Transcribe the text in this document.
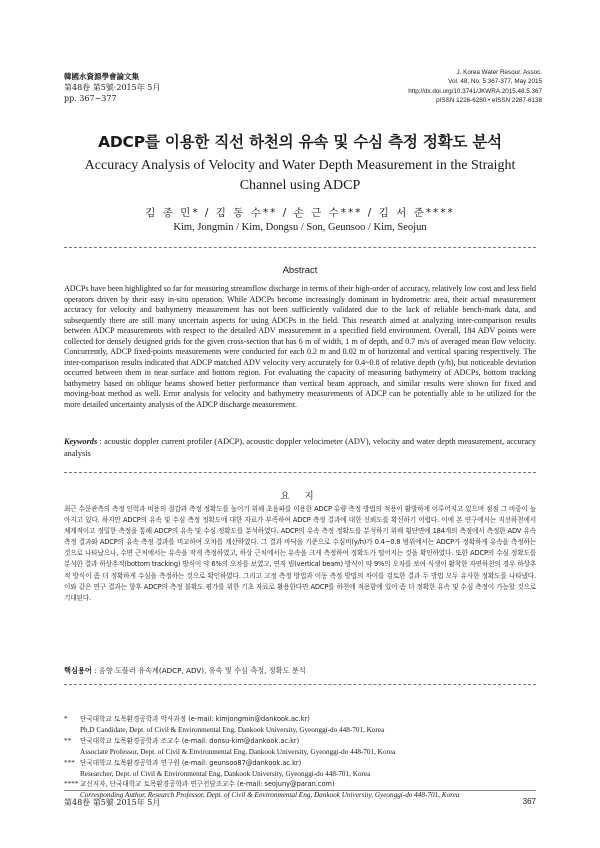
韓國水資源學會論文集
第48卷 第5號·2015年 5月
pp. 367~377
J. Korea Water Resour. Assoc.
Vol. 48, No. 5:367-377, May 2015
http://dx.doi.org/10.3741/JKWRA.2015.48.5.367
pISSN 1226-6280 • eISSN 2287-6138
ADCP를 이용한 직선 하천의 유속 및 수심 측정 정확도 분석
Accuracy Analysis of Velocity and Water Depth Measurement in the Straight Channel using ADCP
김 종 민* / 김 동 수** / 손 근 수*** / 김 서 준****
Kim, Jongmin / Kim, Dongsu / Son, Geunsoo / Kim, Seojun
Abstract
ADCPs have been highlighted so far for measuring streamflow discharge in terms of their high-order of accuracy, relatively low cost and less field operators driven by their easy in-situ operation. While ADCPs become increasingly dominant in hydrometric area, their actual measurement accuracy for velocity and bathymetry measurement has not been sufficiently validated due to the lack of reliable bench-mark data, and subsequently there are still many uncertain aspects for using ADCPs in the field. This research aimed at analyzing inter-comparison results between ADCP measurements with respect to the detailed ADV measurement in a specified field environment. Overall, 184 ADV points were collected for densely designed grids for the given cross-section that has 6 m of width, 1 m of depth, and 0.7 m/s of averaged mean flow velocity. Concurrently, ADCP fixed-points measurements were conducted for each 0.2 m and 0.02 m of horizontal and vertical spacing respectively. The inter-comparison results indicated that ADCP matched ADV velocity very accurately for 0.4~0.8 of relative depth (y/h), but noticeable deviation occurred between them in near surface and bottom region. For evaluating the capacity of measuring bathymetry of ADCPs, bottom tracking bathymetry based on oblique beams showed better performance than vertical beam approach, and similar results were shown for fixed and moving-boat method as well. Error analysis for velocity and bathymetry measurements of ADCP can be potentially able to be utilized for the more detailed uncertainty analysis of the ADCP discharge measurement.
Keywords : acoustic doppler current profiler (ADCP), acoustic doppler velocimeter (ADV), velocity and water depth measurement, accuracy analysis
요 지
최근 수문관측의 측정 인력과 비용의 절감과 측정 정확도를 높이기 위해 초음파를 이용한 ADCP 유량 측정 방법의 적용이 활발하게 이루어지고 있으며 점점 그 비중이 높아지고 있다. 하지만 ADCP의 유속 및 수심 측정 정확도에 대한 자료가 부족하여 ADCP 측정 결과에 대한 신뢰도를 확신하기 어렵다. 이에 본 연구에서는 직선하천에서 체계적이고 정밀한 측정을 통해 ADCP의 유속 및 수심 정확도를 분석하였다. ADCP의 유속 측정 정확도를 분석하기 위해 횡단면에 184개의 측점에서 측정한 ADV 유속 측정 결과와 ADCP의 유속 측정 결과를 비교하여 오차를 계산하였다. 그 결과 바닥을 기준으로 수심비(y/h)가 0.4~0.8 범위에서는 ADCP가 정확하게 유속을 측정하는 것으로 나타났으나, 수면 근처에서는 유속을 작게 측정하였고, 하상 근처에서는 유속을 크게 측정하여 정확도가 떨어지는 것을 확인하였다. 또한 ADCP의 수심 정확도를 분석한 결과 하상추적(bottom tracking) 방식이 약 6%의 오차를 보였고, 연직 빔(vertical beam) 방식이 약 9%의 오차를 보여 식생이 활착한 자연하천의 경우 하상추적 방식이 좀 더 정확하게 수심을 측정하는 것으로 확인하였다. 그리고 고정 측정 방법과 이동 측정 방법의 차이를 검토한 결과 두 방법 모두 유사한 정확도를 나타냈다. 이와 같은 연구 결과는 향후 ADCP의 측정 불확도 평가를 위한 기초 자료로 활용한다면 ADCP를 하천에 적용함에 있어 좀 더 정확한 유속 및 수심 측정이 가능할 것으로 기대된다.
핵심용어 : 음향 도플러 유속계(ADCP, ADV), 유속 및 수심 측정, 정확도 분석
*	단국대학교 토목환경공학과 박사과정 (e-mail: kimjongmin@dankook.ac.kr)
Ph.D Candidate, Dept. of Civil & Environmental Eng, Dankook University, Gyeonggi-do 448-701, Korea
**	단국대학교 토목환경공학과 조교수 (e-mail: donsu-kim@dankook.ac.kr)
Associate Professor, Dept. of Civil & Environmental Eng, Dankook University, Gyeonggi-do 448-701, Korea
*** 단국대학교 토목환경공학과 연구원 (e-mail: geunsoo87@dankook.ac.kr)
Researcher, Dept. of Civil & Environmental Eng, Dankook University, Gyeonggi-do 448-701, Korea
**** 교신저자, 단국대학교 토목환경공학과 연구전담조교수 (e-mail: seojuny@paran.com)
Corresponding Author, Research Professor, Dept. of Civil & Environmental Eng, Dankook University, Gyeonggi-do 448-701, Korea
第48卷 第5號 2015年 5月	367
